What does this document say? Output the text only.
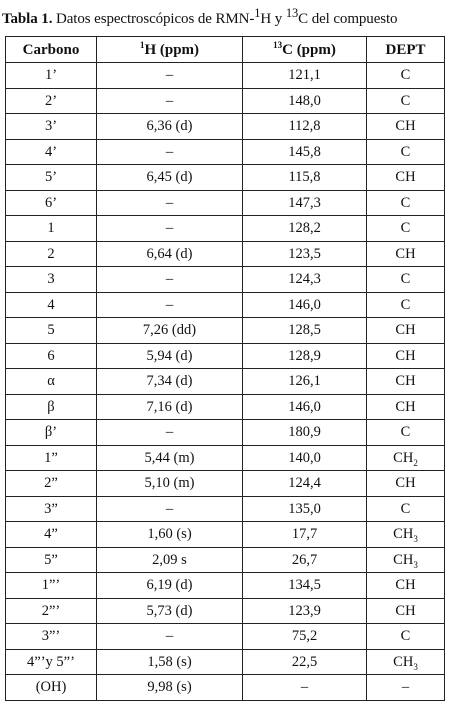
Tabla 1. Datos espectroscópicos de RMN-$^1$H y $^{13}$C del compuesto
Carbono	$^1$H (ppm)	$^{13}$C (ppm)	DEPT
1’	–	121,1	C
2’	–	148,0	C
3’	6,36 (d)	112,8	CH
4’	–	145,8	C
5’	6,45 (d)	115,8	CH
6’	–	147,3	C
1	–	128,2	C
2	6,64 (d)	123,5	CH
3	–	124,3	C
4	–	146,0	C
5	7,26 (dd)	128,5	CH
6	5,94 (d)	128,9	CH
α	7,34 (d)	126,1	CH
β	7,16 (d)	146,0	CH
β’	–	180,9	C
1”	5,44 (m)	140,0	$CH_2$
2”	5,10 (m)	124,4	CH
3”	–	135,0	C
4”	1,60 (s)	17,7	$CH_3$
5”	2,09 s	26,7	$CH_3$
1”’	6,19 (d)	134,5	CH
2”’	5,73 (d)	123,9	CH
3”’	–	75,2	C
4”’y 5”’	1,58 (s)	22,5	$CH_3$
(OH)	9,98 (s)	–	–
